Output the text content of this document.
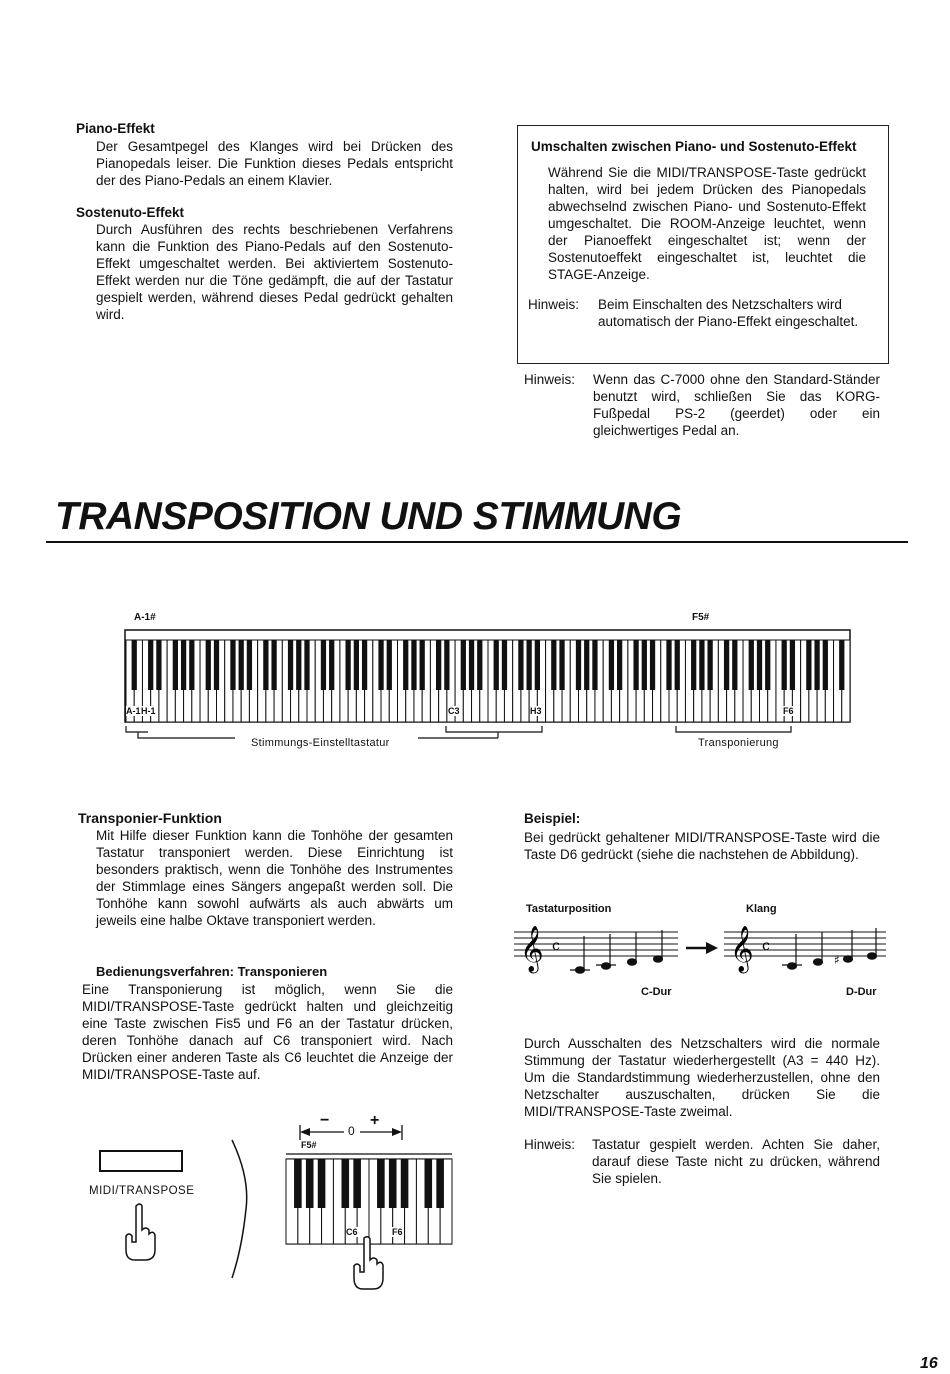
Piano-Effekt
Der Gesamtpegel des Klanges wird bei Drücken des Pianopedals leiser. Die Funktion dieses Pedals entspricht der des Piano-Pedals an einem Klavier.
Sostenuto-Effekt
Durch Ausführen des rechts beschriebenen Verfahrens kann die Funktion des Piano-Pedals auf den Sostenuto-Effekt umgeschaltet werden. Bei aktiviertem Sostenuto-Effekt werden nur die Töne gedämpft, die auf der Tastatur gespielt werden, während dieses Pedal gedrückt gehalten wird.
Umschalten zwischen Piano- und Sostenuto-Effekt
Während Sie die MIDI/TRANSPOSE-Taste gedrückt halten, wird bei jedem Drücken des Pianopedals abwechselnd zwischen Piano- und Sostenuto-Effekt umgeschaltet. Die ROOM-Anzeige leuchtet, wenn der Pianoeffekt eingeschaltet ist; wenn der Sostenutoeffekt eingeschaltet ist, leuchtet die STAGE-Anzeige.
Hinweis: Beim Einschalten des Netzschalters wird automatisch der Piano-Effekt eingeschaltet.
Hinweis: Wenn das C-7000 ohne den Standard-Ständer benutzt wird, schließen Sie das KORG-Fußpedal PS-2 (geerdet) oder ein gleichwertiges Pedal an.
TRANSPOSITION UND STIMMUNG
A-1#	F5#
A-1 H-1	C3	H3	F6
Stimmungs-Einstelltastatur	Transponierung
Transponier-Funktion
Mit Hilfe dieser Funktion kann die Tonhöhe der gesamten Tastatur transponiert werden. Diese Einrichtung ist besonders praktisch, wenn die Tonhöhe des Instrumentes der Stimmlage eines Sängers angepaßt werden soll. Die Tonhöhe kann sowohl aufwärts als auch abwärts um jeweils eine halbe Oktave transponiert werden.
Bedienungsverfahren: Transponieren
Eine Transponierung ist möglich, wenn Sie die MIDI/TRANSPOSE-Taste gedrückt halten und gleichzeitig eine Taste zwischen Fis5 und F6 an der Tastatur drücken, deren Tonhöhe danach auf C6 transponiert wird. Nach Drücken einer anderen Taste als C6 leuchtet die Anzeige der MIDI/TRANSPOSE-Taste auf.
MIDI/TRANSPOSE
−
0
+
F5#
C6	F6
Beispiel:
Bei gedrückt gehaltener MIDI/TRANSPOSE-Taste wird die Taste D6 gedrückt (siehe die nachstehen de Abbildung).
Tastaturposition	Klang
𝄞 c	𝄞 c
♯
C-Dur	D-Dur
Durch Ausschalten des Netzschalters wird die normale Stimmung der Tastatur wiederhergestellt (A3 = 440 Hz). Um die Standardstimmung wiederherzustellen, ohne den Netzschalter auszuschalten, drücken Sie die MIDI/TRANSPOSE-Taste zweimal.
Hinweis: Tastatur gespielt werden. Achten Sie daher, darauf diese Taste nicht zu drücken, während Sie spielen.
16
